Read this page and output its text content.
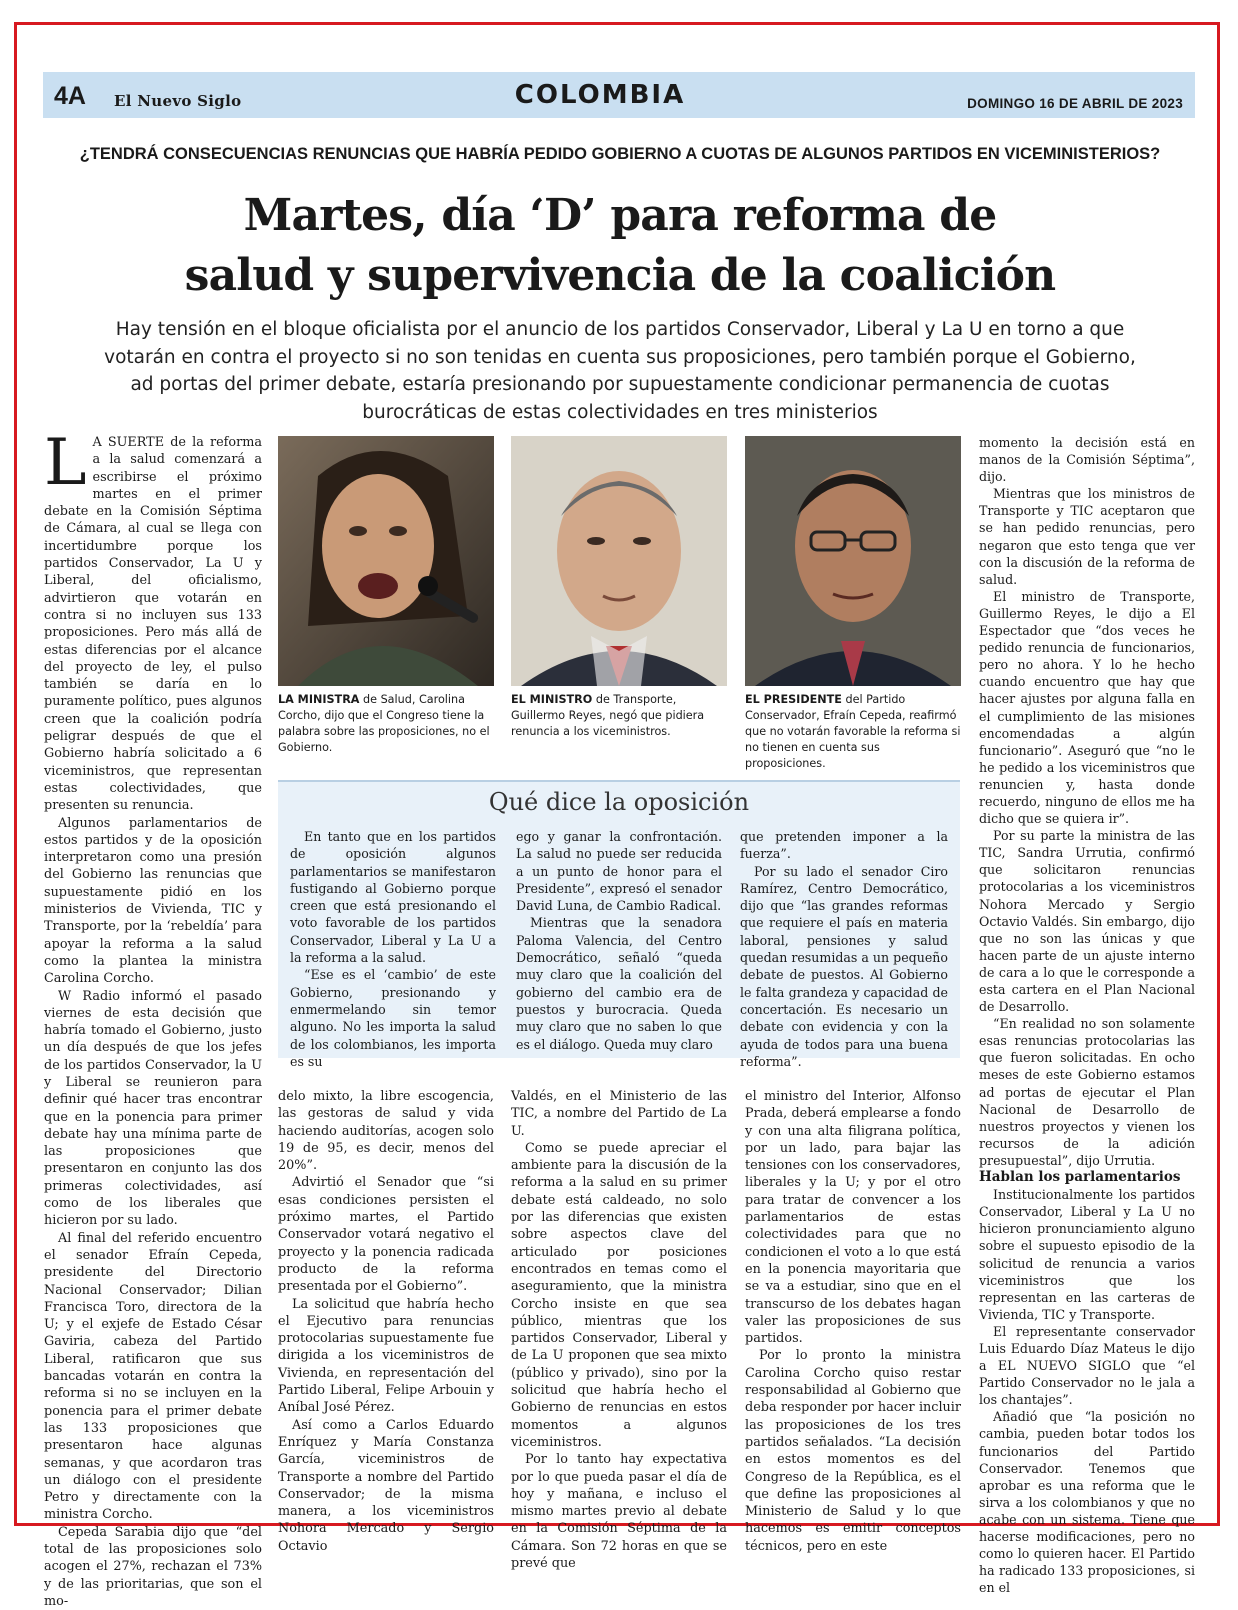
4A El Nuevo Siglo	COLOMBIA	DOMINGO 16 DE ABRIL DE 2023
¿TENDRÁ CONSECUENCIAS RENUNCIAS QUE HABRÍA PEDIDO GOBIERNO A CUOTAS DE ALGUNOS PARTIDOS EN VICEMINISTERIOS?
Martes, día ‘D’ para reforma de
salud y supervivencia de la coalición
Hay tensión en el bloque oficialista por el anuncio de los partidos Conservador, Liberal y La U en torno a que votarán en contra el proyecto si no son tenidas en cuenta sus proposiciones, pero también porque el Gobierno, ad portas del primer debate, estaría presionando por supuestamente condicionar permanencia de cuotas burocráticas de estas colectividades en tres ministerios

L A SUERTE de la reforma a la salud comenzará a escribirse el próximo martes en el primer debate en la Comisión Séptima de Cámara, al cual se llega con incertidumbre porque los partidos Conservador, La U y Liberal, del oficialismo, advirtieron que votarán en contra si no incluyen sus 133 proposiciones. Pero más allá de estas diferencias por el alcance del proyecto de ley, el pulso también se daría en lo puramente político, pues algunos creen que la coalición podría peligrar después de que el Gobierno habría solicitado a 6 viceministros, que representan estas colectividades, que presenten su renuncia.

Algunos parlamentarios de estos partidos y de la oposición interpretaron como una presión del Gobierno las renuncias que supuestamente pidió en los ministerios de Vivienda, TIC y Transporte, por la ‘rebeldía’ para apoyar la reforma a la salud como la plantea la ministra Carolina Corcho.

W Radio informó el pasado viernes de esta decisión que habría tomado el Gobierno, justo un día después de que los jefes de los partidos Conservador, la U y Liberal se reunieron para definir qué hacer tras encontrar que en la ponencia para primer debate hay una mínima parte de las proposiciones que presentaron en conjunto las dos primeras colectividades, así como de los liberales que hicieron por su lado.

Al final del referido encuentro el senador Efraín Cepeda, presidente del Directorio Nacional Conservador; Dilian Francisca Toro, directora de la U; y el exjefe de Estado César Gaviria, cabeza del Partido Liberal, ratificaron que sus bancadas votarán en contra la reforma si no se incluyen en la ponencia para el primer debate las 133 proposiciones que presentaron hace algunas semanas, y que acordaron tras un diálogo con el presidente Petro y directamente con la ministra Corcho.

Cepeda Sarabia dijo que “del total de las proposiciones solo acogen el 27%, rechazan el 73% y de las prioritarias, que son el mo-

LA MINISTRA de Salud, Carolina Corcho, dijo que el Congreso tiene la palabra sobre las proposiciones, no el Gobierno.
EL MINISTRO de Transporte, Guillermo Reyes, negó que pidiera renuncia a los viceministros.
EL PRESIDENTE del Partido Conservador, Efraín Cepeda, reafirmó que no votarán favorable la reforma si no tienen en cuenta sus proposiciones.
Qué dice la oposición

En tanto que en los partidos de oposición algunos parlamentarios se manifestaron fustigando al Gobierno porque creen que está presionando el voto favorable de los partidos Conservador, Liberal y La U a la reforma a la salud.

“Ese es el ‘cambio’ de este Gobierno, presionando y enmermelando sin temor alguno. No les importa la salud de los colombianos, les importa es su

ego y ganar la confrontación. La salud no puede ser reducida a un punto de honor para el Presidente”, expresó el senador David Luna, de Cambio Radical.

Mientras que la senadora Paloma Valencia, del Centro Democrático, señaló “queda muy claro que la coalición del gobierno del cambio era de puestos y burocracia. Queda muy claro que no saben lo que es el diálogo. Queda muy claro

que pretenden imponer a la fuerza”.

Por su lado el senador Ciro Ramírez, Centro Democrático, dijo que “las grandes reformas que requiere el país en materia laboral, pensiones y salud quedan resumidas a un pequeño debate de puestos. Al Gobierno le falta grandeza y capacidad de concertación. Es necesario un debate con evidencia y con la ayuda de todos para una buena reforma”.

delo mixto, la libre escogencia, las gestoras de salud y vida haciendo auditorías, acogen solo 19 de 95, es decir, menos del 20%”.

Advirtió el Senador que “si esas condiciones persisten el próximo martes, el Partido Conservador votará negativo el proyecto y la ponencia radicada producto de la reforma presentada por el Gobierno”.

La solicitud que habría hecho el Ejecutivo para renuncias protocolarias supuestamente fue dirigida a los viceministros de Vivienda, en representación del Partido Liberal, Felipe Arbouin y Aníbal José Pérez.

Así como a Carlos Eduardo Enríquez y María Constanza García, viceministros de Transporte a nombre del Partido Conservador; de la misma manera, a los viceministros Nohora Mercado y Sergio Octavio

Valdés, en el Ministerio de las TIC, a nombre del Partido de La U.

Como se puede apreciar el ambiente para la discusión de la reforma a la salud en su primer debate está caldeado, no solo por las diferencias que existen sobre aspectos clave del articulado por posiciones encontrados en temas como el aseguramiento, que la ministra Corcho insiste en que sea público, mientras que los partidos Conservador, Liberal y de La U proponen que sea mixto (público y privado), sino por la solicitud que habría hecho el Gobierno de renuncias en estos momentos a algunos viceministros.

Por lo tanto hay expectativa por lo que pueda pasar el día de hoy y mañana, e incluso el mismo martes previo al debate en la Comisión Séptima de la Cámara. Son 72 horas en que se prevé que

el ministro del Interior, Alfonso Prada, deberá emplearse a fondo y con una alta filigrana política, por un lado, para bajar las tensiones con los conservadores, liberales y la U; y por el otro para tratar de convencer a los parlamentarios de estas colectividades para que no condicionen el voto a lo que está en la ponencia mayoritaria que se va a estudiar, sino que en el transcurso de los debates hagan valer las proposiciones de sus partidos.

Por lo pronto la ministra Carolina Corcho quiso restar responsabilidad al Gobierno que deba responder por hacer incluir las proposiciones de los tres partidos señalados. “La decisión en estos momentos es del Congreso de la República, es el que define las proposiciones al Ministerio de Salud y lo que hacemos es emitir conceptos técnicos, pero en este

momento la decisión está en manos de la Comisión Séptima”, dijo.

Mientras que los ministros de Transporte y TIC aceptaron que se han pedido renuncias, pero negaron que esto tenga que ver con la discusión de la reforma de salud.

El ministro de Transporte, Guillermo Reyes, le dijo a El Espectador que “dos veces he pedido renuncia de funcionarios, pero no ahora. Y lo he hecho cuando encuentro que hay que hacer ajustes por alguna falla en el cumplimiento de las misiones encomendadas a algún funcionario”. Aseguró que “no le he pedido a los viceministros que renuncien y, hasta donde recuerdo, ninguno de ellos me ha dicho que se quiera ir”.

Por su parte la ministra de las TIC, Sandra Urrutia, confirmó que solicitaron renuncias protocolarias a los viceministros Nohora Mercado y Sergio Octavio Valdés. Sin embargo, dijo que no son las únicas y que hacen parte de un ajuste interno de cara a lo que le corresponde a esta cartera en el Plan Nacional de Desarrollo.

“En realidad no son solamente esas renuncias protocolarias las que fueron solicitadas. En ocho meses de este Gobierno estamos ad portas de ejecutar el Plan Nacional de Desarrollo de nuestros proyectos y vienen los recursos de la adición presupuestal”, dijo Urrutia.

Hablan los parlamentarios

Institucionalmente los partidos Conservador, Liberal y La U no hicieron pronunciamiento alguno sobre el supuesto episodio de la solicitud de renuncia a varios viceministros que los representan en las carteras de Vivienda, TIC y Transporte.

El representante conservador Luis Eduardo Díaz Mateus le dijo a EL NUEVO SIGLO que “el Partido Conservador no le jala a los chantajes”.

Añadió que “la posición no cambia, pueden botar todos los funcionarios del Partido Conservador. Tenemos que aprobar es una reforma que le sirva a los colombianos y que no acabe con un sistema. Tiene que hacerse modificaciones, pero no como lo quieren hacer. El Partido ha radicado 133 proposiciones, si en el
